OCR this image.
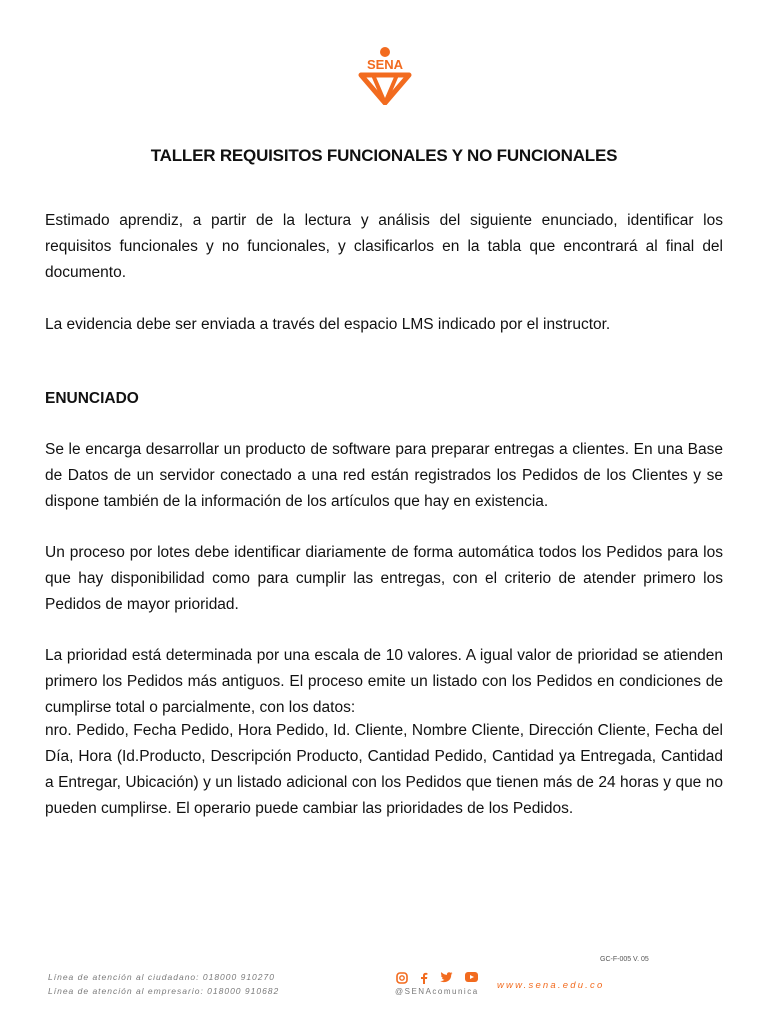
SENA
TALLER REQUISITOS FUNCIONALES Y NO FUNCIONALES

Estimado aprendiz, a partir de la lectura y análisis del siguiente enunciado, identificar los requisitos funcionales y no funcionales, y clasificarlos en la tabla que encontrará al final del documento.

La evidencia debe ser enviada a través del espacio LMS indicado por el instructor.

ENUNCIADO

Se le encarga desarrollar un producto de software para preparar entregas a clientes. En una Base de Datos de un servidor conectado a una red están registrados los Pedidos de los Clientes y se dispone también de la información de los artículos que hay en existencia.

Un proceso por lotes debe identificar diariamente de forma automática todos los Pedidos para los que hay disponibilidad como para cumplir las entregas, con el criterio de atender primero los Pedidos de mayor prioridad.

La prioridad está determinada por una escala de 10 valores. A igual valor de prioridad se atienden primero los Pedidos más antiguos. El proceso emite un listado con los Pedidos en condiciones de cumplirse total o parcialmente, con los datos:

nro. Pedido, Fecha Pedido, Hora Pedido, Id. Cliente, Nombre Cliente, Dirección Cliente, Fecha del Día, Hora (Id.Producto, Descripción Producto, Cantidad Pedido, Cantidad ya Entregada, Cantidad a Entregar, Ubicación) y un listado adicional con los Pedidos que tienen más de 24 horas y que no pueden cumplirse. El operario puede cambiar las prioridades de los Pedidos.

GC-F-005 V. 05
Línea de atención al ciudadano: 018000 910270
Línea de atención al empresario: 018000 910682	@SENAcomunica
www.sena.edu.co
